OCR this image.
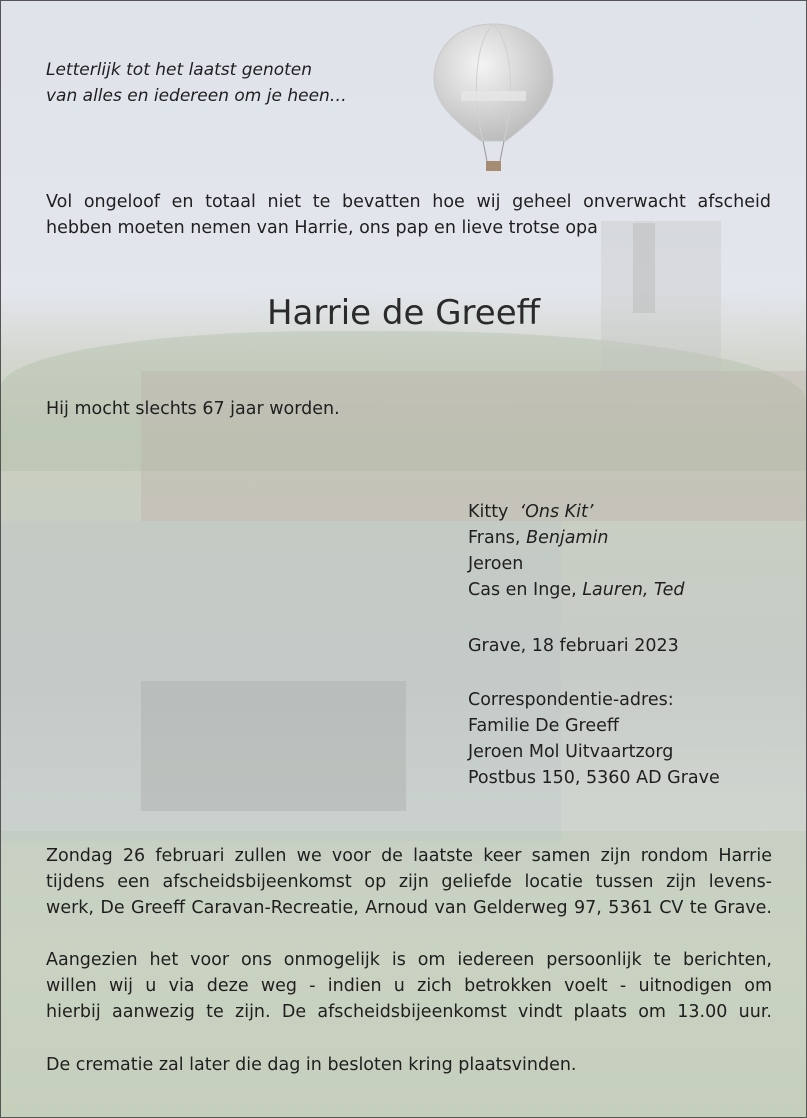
Letterlijk tot het laatst genoten
van alles en iedereen om je heen…
Vol ongeloof en totaal niet te bevatten hoe wij geheel onverwacht afscheid
hebben moeten nemen van Harrie, ons pap en lieve trotse opa
Harrie de Greeff
Hij mocht slechts 67 jaar worden.
Kitty ‘Ons Kit’
Frans, Benjamin
Jeroen
Cas en Inge, Lauren, Ted
Grave, 18 februari 2023
Correspondentie-adres:
Familie De Greeff
Jeroen Mol Uitvaartzorg
Postbus 150, 5360 AD Grave
Zondag 26 februari zullen we voor de laatste keer samen zijn rondom Harrie
tijdens een afscheidsbijeenkomst op zijn geliefde locatie tussen zijn levens-
werk, De Greeff Caravan-Recreatie, Arnoud van Gelderweg 97, 5361 CV te Grave.
Aangezien het voor ons onmogelijk is om iedereen persoonlijk te berichten,
willen wij u via deze weg - indien u zich betrokken voelt - uitnodigen om
hierbij aanwezig te zijn. De afscheidsbijeenkomst vindt plaats om 13.00 uur.
De crematie zal later die dag in besloten kring plaatsvinden.
